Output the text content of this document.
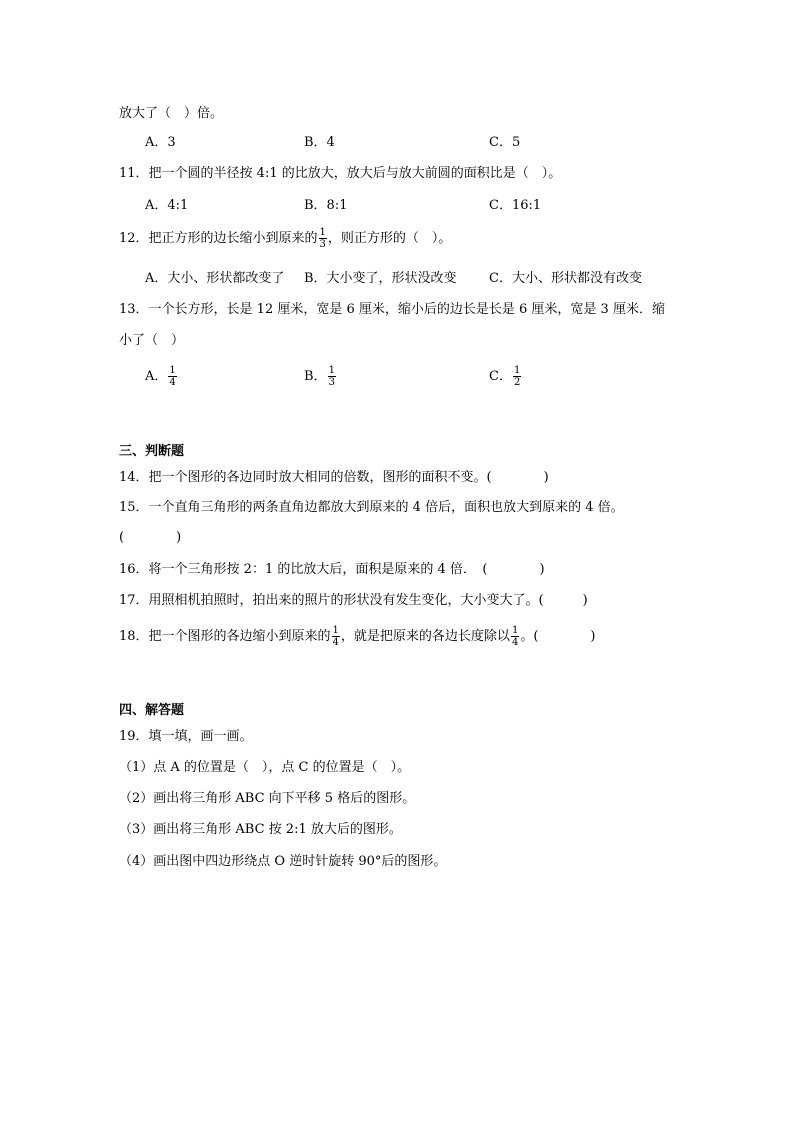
放大了（　）倍。
A．3	B．4	C．5
11．把一个圆的半径按 4:1 的比放大，放大后与放大前圆的面积比是（　）。
A．4:1	B．8:1	C．16:1
12．把正方形的边长缩小到原来的 $\frac{1}{3}$ ，则正方形的（　）。
A．大小、形状都改变了 B．大小变了，形状没改变 C．大小、形状都没有改变
13．一个长方形，长是 12 厘米，宽是 6 厘米，缩小后的边长是长是 6 厘米，宽是 3 厘米．缩
小了（　）
A． $\frac{1}{4}$	B． $\frac{1}{3}$	C． $\frac{1}{2}$
三、判断题
14．把一个图形的各边同时放大相同的倍数，图形的面积不变。(　　　　)
15．一个直角三角形的两条直角边都放大到原来的 4 倍后，面积也放大到原来的 4 倍。
(　　　　)
16．将一个三角形按 2：1 的比放大后，面积是原来的 4 倍．　(　　　　)
17．用照相机拍照时，拍出来的照片的形状没有发生变化，大小变大了。(　　　)
18．把一个图形的各边缩小到原来的 $\frac{1}{4}$ ，就是把原来的各边长度除以 $\frac{1}{4}$ 。(　　　　)
四、解答题
19．填一填，画一画。
（1）点 A 的位置是（　），点 C 的位置是（　）。
（2）画出将三角形 ABC 向下平移 5 格后的图形。
（3）画出将三角形 ABC 按 2:1 放大后的图形。
（4）画出图中四边形绕点 O 逆时针旋转 90°后的图形。
